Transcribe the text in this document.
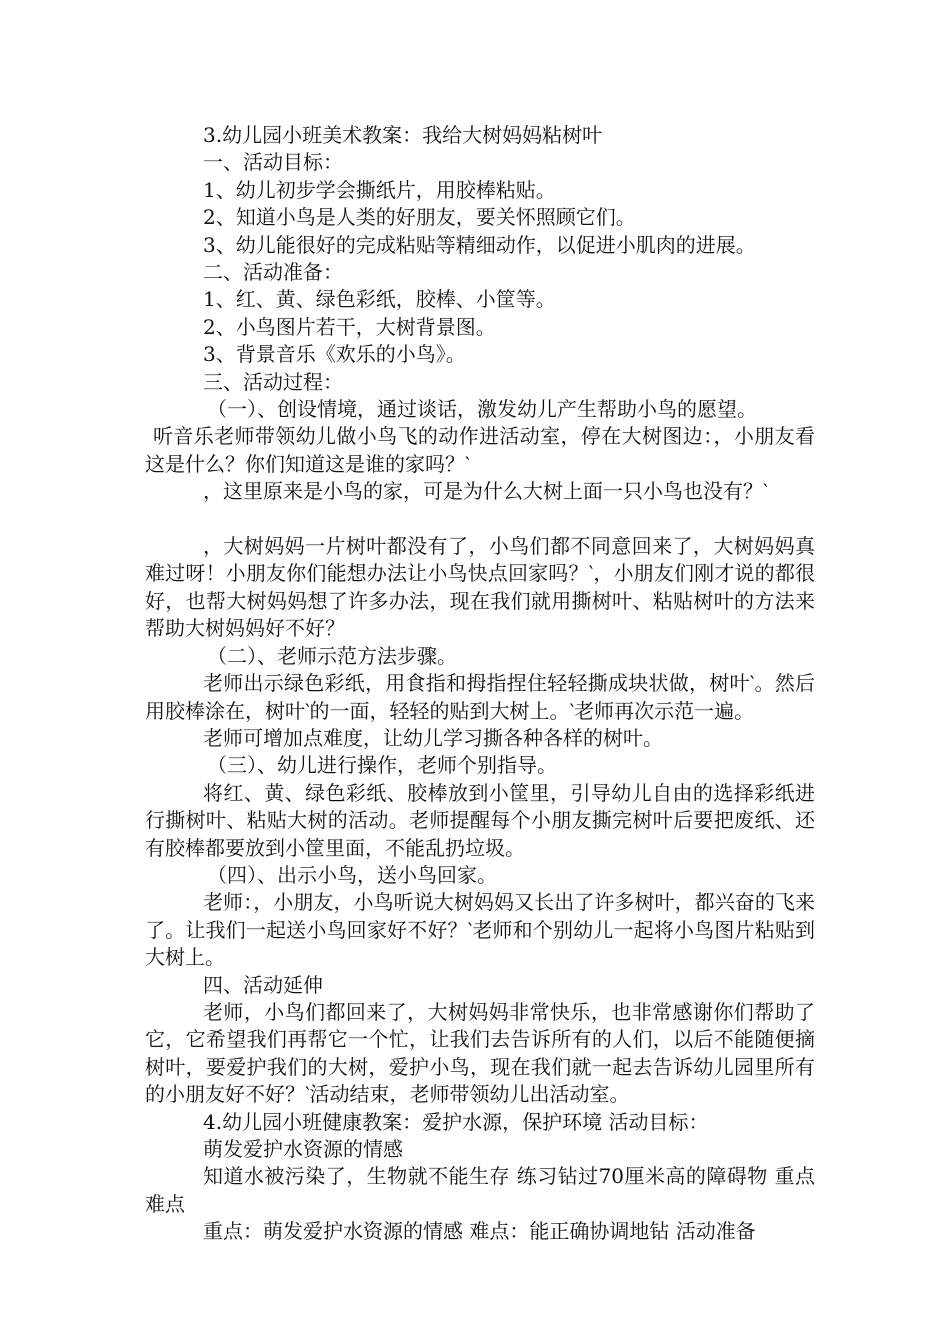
3.幼儿园小班美术教案：我给大树妈妈粘树叶

一、活动目标：

1、幼儿初步学会撕纸片，用胶棒粘贴。

2、知道小鸟是人类的好朋友，要关怀照顾它们。

3、幼儿能很好的完成粘贴等精细动作，以促进小肌肉的进展。

二、活动准备：

1、红、黄、绿色彩纸，胶棒、小筐等。

2、小鸟图片若干，大树背景图。

3、背景音乐《欢乐的小鸟》。

三、活动过程：

（一）、创设情境，通过谈话，激发幼儿产生帮助小鸟的愿望。

听音乐老师带领幼儿做小鸟飞的动作进活动室，停在大树图边：，小朋友看这是什么？你们知道这是谁的家吗？‵

，这里原来是小鸟的家，可是为什么大树上面一只小鸟也没有？‵

，大树妈妈一片树叶都没有了，小鸟们都不同意回来了，大树妈妈真难过呀！小朋友你们能想办法让小鸟快点回家吗？‵，小朋友们刚才说的都很好，也帮大树妈妈想了许多办法，现在我们就用撕树叶、粘贴树叶的方法来帮助大树妈妈好不好？

（二）、老师示范方法步骤。

老师出示绿色彩纸，用食指和拇指捏住轻轻撕成块状做，树叶‵。然后用胶棒涂在，树叶‵的一面，轻轻的贴到大树上。‵老师再次示范一遍。

老师可增加点难度，让幼儿学习撕各种各样的树叶。

（三）、幼儿进行操作，老师个别指导。

将红、黄、绿色彩纸、胶棒放到小筐里，引导幼儿自由的选择彩纸进行撕树叶、粘贴大树的活动。老师提醒每个小朋友撕完树叶后要把废纸、还有胶棒都要放到小筐里面，不能乱扔垃圾。

（四）、出示小鸟，送小鸟回家。

老师：，小朋友，小鸟听说大树妈妈又长出了许多树叶，都兴奋的飞来了。让我们一起送小鸟回家好不好？‵老师和个别幼儿一起将小鸟图片粘贴到大树上。

四、活动延伸

老师，小鸟们都回来了，大树妈妈非常快乐，也非常感谢你们帮助了它，它希望我们再帮它一个忙，让我们去告诉所有的人们，以后不能随便摘树叶，要爱护我们的大树，爱护小鸟，现在我们就一起去告诉幼儿园里所有的小朋友好不好？‵活动结束，老师带领幼儿出活动室。

4.幼儿园小班健康教案：爱护水源，保护环境 活动目标：

萌发爱护水资源的情感

知道水被污染了，生物就不能生存 练习钻过70厘米高的障碍物 重点难点

重点：萌发爱护水资源的情感 难点：能正确协调地钻 活动准备
